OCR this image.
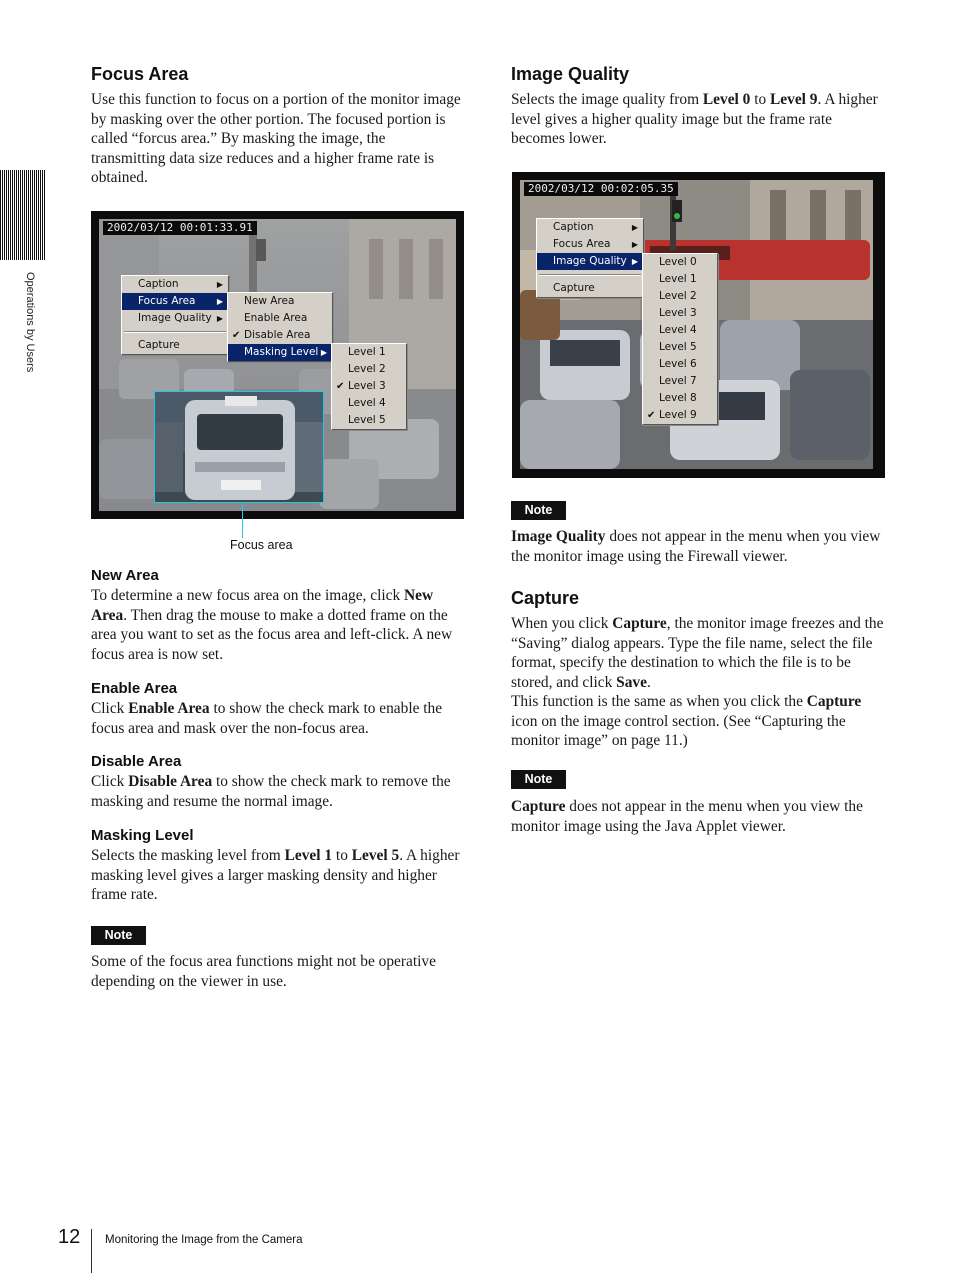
Operations by Users
Focus Area

Use this function to focus on a portion of the monitor image by masking over the other portion. The focused portion is called “forcus area.” By masking the image, the transmitting data size reduces and a higher frame rate is obtained.

2002/03/12 00:01:33.91
Caption	▶
Focus Area	▶
Image Quality ▶
Capture
New Area
Enable Area
✔ Disable Area
Masking Level ▶	Level 1
Level 2
✔ Level 3
Level 4
Level 5
Focus area
New Area

To determine a new focus area on the image, click New Area. Then drag the mouse to make a dotted frame on the area you want to set as the focus area and left-click. A new focus area is now set.

Enable Area

Click Enable Area to show the check mark to enable the focus area and mask over the non-focus area.

Disable Area

Click Disable Area to show the check mark to remove the masking and resume the normal image.

Masking Level

Selects the masking level from Level 1 to Level 5. A higher masking level gives a larger masking density and higher frame rate.

Note

Some of the focus area functions might not be operative depending on the viewer in use.

Image Quality

Selects the image quality from Level 0 to Level 9. A higher level gives a higher quality image but the frame rate becomes lower.

2002/03/12 00:02:05.35
Caption	▶
Focus Area	▶
Image Quality ▶
Capture
Level 0
Level 1
Level 2
Level 3
Level 4
Level 5
Level 6
Level 7
Level 8
✔ Level 9
Note

Image Quality does not appear in the menu when you view the monitor image using the Firewall viewer.

Capture

When you click Capture, the monitor image freezes and the “Saving” dialog appears. Type the file name, select the file format, specify the destination to which the file is to be stored, and click Save.
This function is the same as when you click the Capture icon on the image control section. (See “Capturing the monitor image” on page 11.)

Note

Capture does not appear in the menu when you view the monitor image using the Java Applet viewer.

12 Monitoring the Image from the Camera
